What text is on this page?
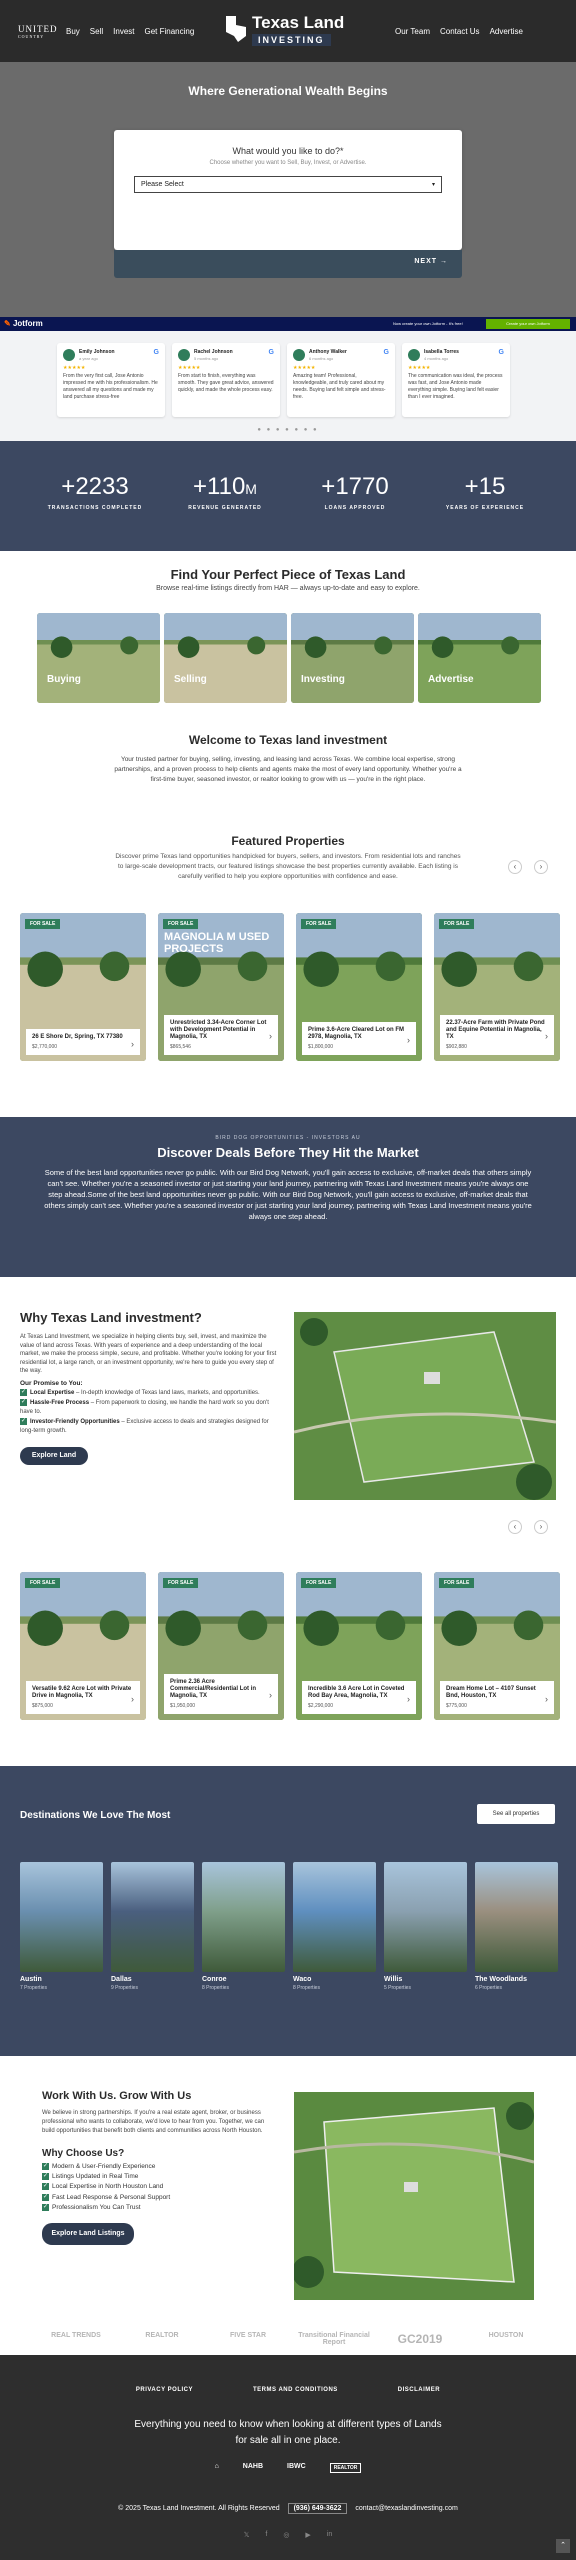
UNITED
COUNTRY
Buy Sell Invest Get Financing	Texas Land
INVESTING
Our Team Contact Us Advertise
Where Generational Wealth Begins
What would you like to do?*
Choose whether you want to Sell, Buy, Invest, or Advertise.
Please Select	▾
NEXT →
✎ Jotform	Now create your own Jotform - It's free!	Create your own Jotform
Emily Johnson
a year ago
G
★★★★★
From the very first call, Jose Antonio impressed me with his professionalism. He answered all my questions and made my land purchase stress-free
Rachel Johnson
5 months ago
G
★★★★★
From start to finish, everything was smooth. They gave great advice, answered quickly, and made the whole process easy.
Anthony Walker
6 months ago
G
★★★★★
Amazing team! Professional, knowledgeable, and truly cared about my needs. Buying land felt simple and stress-free.
Isabella Torres
4 months ago
G
★★★★★
The communication was ideal, the process was fast, and Jose Antonio made everything simple. Buying land felt easier than I ever imagined.
● ● ● ● ● ● ●
+2233
TRANSACTIONS COMPLETED
+110M
REVENUE GENERATED
+1770
LOANS APPROVED
+15
YEARS OF EXPERIENCE
Find Your Perfect Piece of Texas Land
Browse real-time listings directly from HAR — always up-to-date and easy to explore.
Buying	Selling	Investing	Advertise
Welcome to Texas land investment
Your trusted partner for buying, selling, investing, and leasing land across Texas. We combine local expertise, strong partnerships, and a proven process to help clients and agents make the most of every land opportunity. Whether you're a first-time buyer, seasoned investor, or realtor looking to grow with us — you're in the right place.
Featured Properties
Discover prime Texas land opportunities handpicked for buyers, sellers, and investors. From residential lots and ranches to large-scale development tracts, our featured listings showcase the best properties currently available. Each listing is carefully verified to help you explore opportunities with confidence and ease.
‹	›
FOR SALE
26 E Shore Dr, Spring, TX 77380
$2,770,000	›
FOR SALE
MAGNOLIA M USED PROJECTS
Unrestricted 3.34-Acre Corner Lot with Development Potential in Magnolia, TX
$865,546
›
FOR SALE
Prime 3.6-Acre Cleared Lot on FM 2978, Magnolia, TX
$1,800,000
›
FOR SALE
22.37-Acre Farm with Private Pond and Equine Potential in Magnolia, TX
$902,880
›
BIRD DOG OPPORTUNITIES - INVESTORS AU
Discover Deals Before They Hit the Market
Some of the best land opportunities never go public. With our Bird Dog Network, you'll gain access to exclusive, off-market deals that others simply can't see. Whether you're a seasoned investor or just starting your land journey, partnering with Texas Land Investment means you're always one step ahead.Some of the best land opportunities never go public. With our Bird Dog Network, you'll gain access to exclusive, off-market deals that others simply can't see. Whether you're a seasoned investor or just starting your land journey, partnering with Texas Land Investment means you're always one step ahead.
Why Texas Land investment?
At Texas Land Investment, we specialize in helping clients buy, sell, invest, and maximize the value of land across Texas. With years of experience and a deep understanding of the local market, we make the process simple, secure, and profitable. Whether you're looking for your first residential lot, a large ranch, or an investment opportunity, we're here to guide you every step of the way.
Our Promise to You:
✓ Local Expertise – In-depth knowledge of Texas land laws, markets, and opportunities.
✓ Hassle-Free Process – From paperwork to closing, we handle the hard work so you don't have to.
✓ Investor-Friendly Opportunities – Exclusive access to deals and strategies designed for long-term growth.
Explore Land Listings
‹	›
FOR SALE
Versatile 9.62 Acre Lot with Private Drive in Magnolia, TX
$875,000
›
FOR SALE
Prime 2.36 Acre Commercial/Residential Lot in Magnolia, TX
$1,950,000
›
FOR SALE
Incredible 3.6 Acre Lot in Coveted Rod Bay Area, Magnolia, TX
$2,290,000
›
FOR SALE
Dream Home Lot – 4107 Sunset Bnd, Houston, TX
$775,000
›
Destinations We Love The Most	See all properties
Austin
7 Properties
Dallas
9 Properties
Conroe
8 Properties
Waco
8 Properties
Willis
5 Properties
The Woodlands
6 Properties
Work With Us. Grow With Us
We believe in strong partnerships. If you're a real estate agent, broker, or business professional who wants to collaborate, we'd love to hear from you. Together, we can build opportunities that benefit both clients and communities across North Houston.
Why Choose Us?
✓ Modern & User-Friendly Experience
✓ Listings Updated in Real Time
✓ Local Expertise in North Houston Land
✓ Fast Lead Response & Personal Support
✓ Professionalism You Can Trust
Explore Land Listings
REAL TRENDS	REALTOR	FIVE STAR	Transitional Financial Report	GC2019	HOUSTON
PRIVACY POLICY	TERMS AND CONDITIONS	DISCLAIMER
Everything you need to know when looking at different types of Lands for sale all in one place.
⌂	NAHB	IBWC	REALTOR
© 2025 Texas Land Investment. All Rights Reserved (936) 649-3622 contact@texaslandinvesting.com
𝕏 f ◎ ▶ in
⌃
